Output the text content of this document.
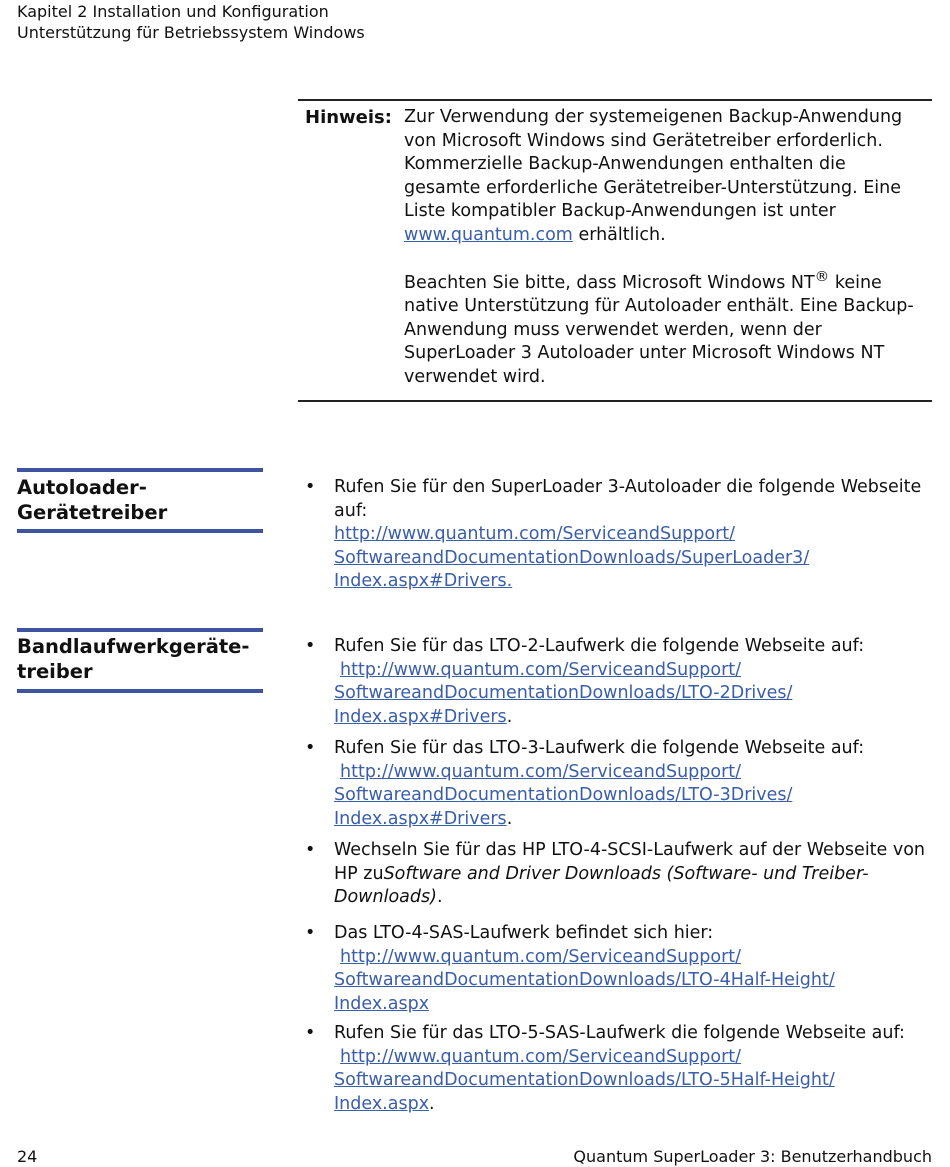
Kapitel 2 Installation und Konfiguration
Unterstützung für Betriebssystem Windows
Hinweis: Zur Verwendung der systemeigenen Backup-Anwendung von Microsoft Windows sind Gerätetreiber erforderlich. Kommerzielle Backup-Anwendungen enthalten die gesamte erforderliche Gerätetreiber-Unterstützung. Eine Liste kompatibler Backup-Anwendungen ist unter www.quantum.com erhältlich.

Beachten Sie bitte, dass Microsoft Windows NT® keine native Unterstützung für Autoloader enthält. Eine Backup-Anwendung muss verwendet werden, wenn der SuperLoader 3 Autoloader unter Microsoft Windows NT verwendet wird.

Autoloader-
Gerätetreiber
• Rufen Sie für den SuperLoader 3-Autoloader die folgende Webseite auf:
http://www.quantum.com/ServiceandSupport/
SoftwareandDocumentationDownloads/SuperLoader3/
Index.aspx#Drivers.
Bandlaufwerkgeräte-
treiber
• Rufen Sie für das LTO-2-Laufwerk die folgende Webseite auf:
http://www.quantum.com/ServiceandSupport/
SoftwareandDocumentationDownloads/LTO-2Drives/
Index.aspx#Drivers.
• Rufen Sie für das LTO-3-Laufwerk die folgende Webseite auf:
http://www.quantum.com/ServiceandSupport/
SoftwareandDocumentationDownloads/LTO-3Drives/
Index.aspx#Drivers.
• Wechseln Sie für das HP LTO-4-SCSI-Laufwerk auf der Webseite von HP zuSoftware and Driver Downloads (Software- und Treiber-Downloads).
• Das LTO-4-SAS-Laufwerk befindet sich hier:
http://www.quantum.com/ServiceandSupport/
SoftwareandDocumentationDownloads/LTO-4Half-Height/
Index.aspx
• Rufen Sie für das LTO-5-SAS-Laufwerk die folgende Webseite auf:
http://www.quantum.com/ServiceandSupport/
SoftwareandDocumentationDownloads/LTO-5Half-Height/
Index.aspx.
24	Quantum SuperLoader 3: Benutzerhandbuch
